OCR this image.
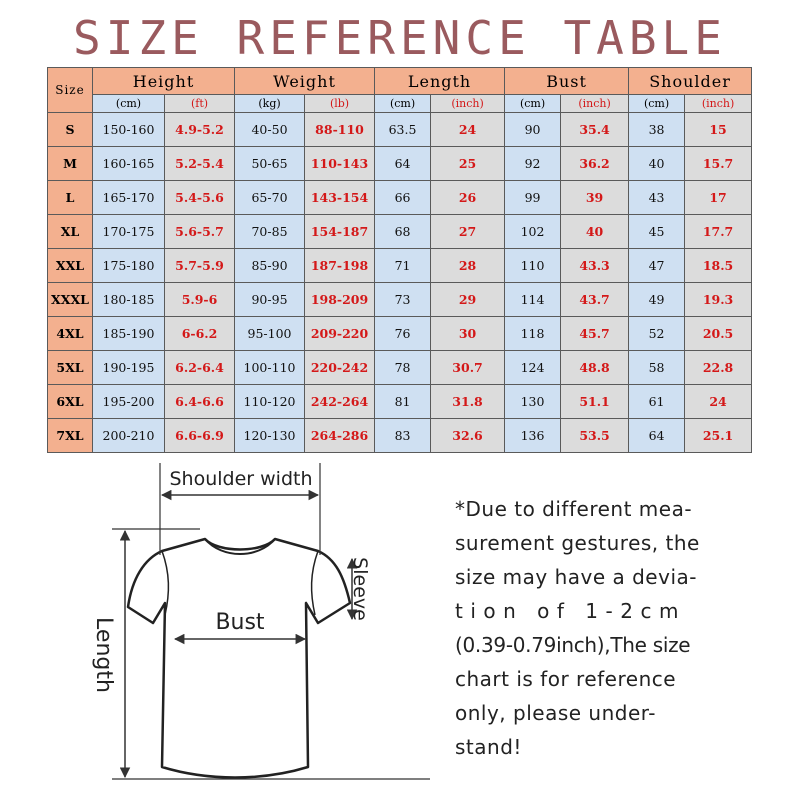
SIZE REFERENCE TABLE
Size	Height		Weight		Length		Bust		Shoulder	
	(cm)	(ft)	(kg)	(lb)	(cm)	(inch)	(cm)	(inch)	(cm)	(inch)
S	150-160	4.9-5.2	40-50	88-110	63.5	24	90	35.4	38	15
M	160-165	5.2-5.4	50-65	110-143	64	25	92	36.2	40	15.7
L	165-170	5.4-5.6	65-70	143-154	66	26	99	39	43	17
XL	170-175	5.6-5.7	70-85	154-187	68	27	102	40	45	17.7
XXL	175-180	5.7-5.9	85-90	187-198	71	28	110	43.3	47	18.5
XXXL	180-185	5.9-6	90-95	198-209	73	29	114	43.7	49	19.3
4XL	185-190	6-6.2	95-100	209-220	76	30	118	45.7	52	20.5
5XL	190-195	6.2-6.4	100-110	220-242	78	30.7	124	48.8	58	22.8
6XL	195-200	6.4-6.6	110-120	242-264	81	31.8	130	51.1	61	24
7XL	200-210	6.6-6.9	120-130	264-286	83	32.6	136	53.5	64	25.1
Shoulder width
Bust
Sleeve
Length
*Due to different mea-
surement gestures, the
size may have a devia-
tion of 1-2cm
(0.39-0.79inch),The size
chart is for reference
only, please under-
stand!
